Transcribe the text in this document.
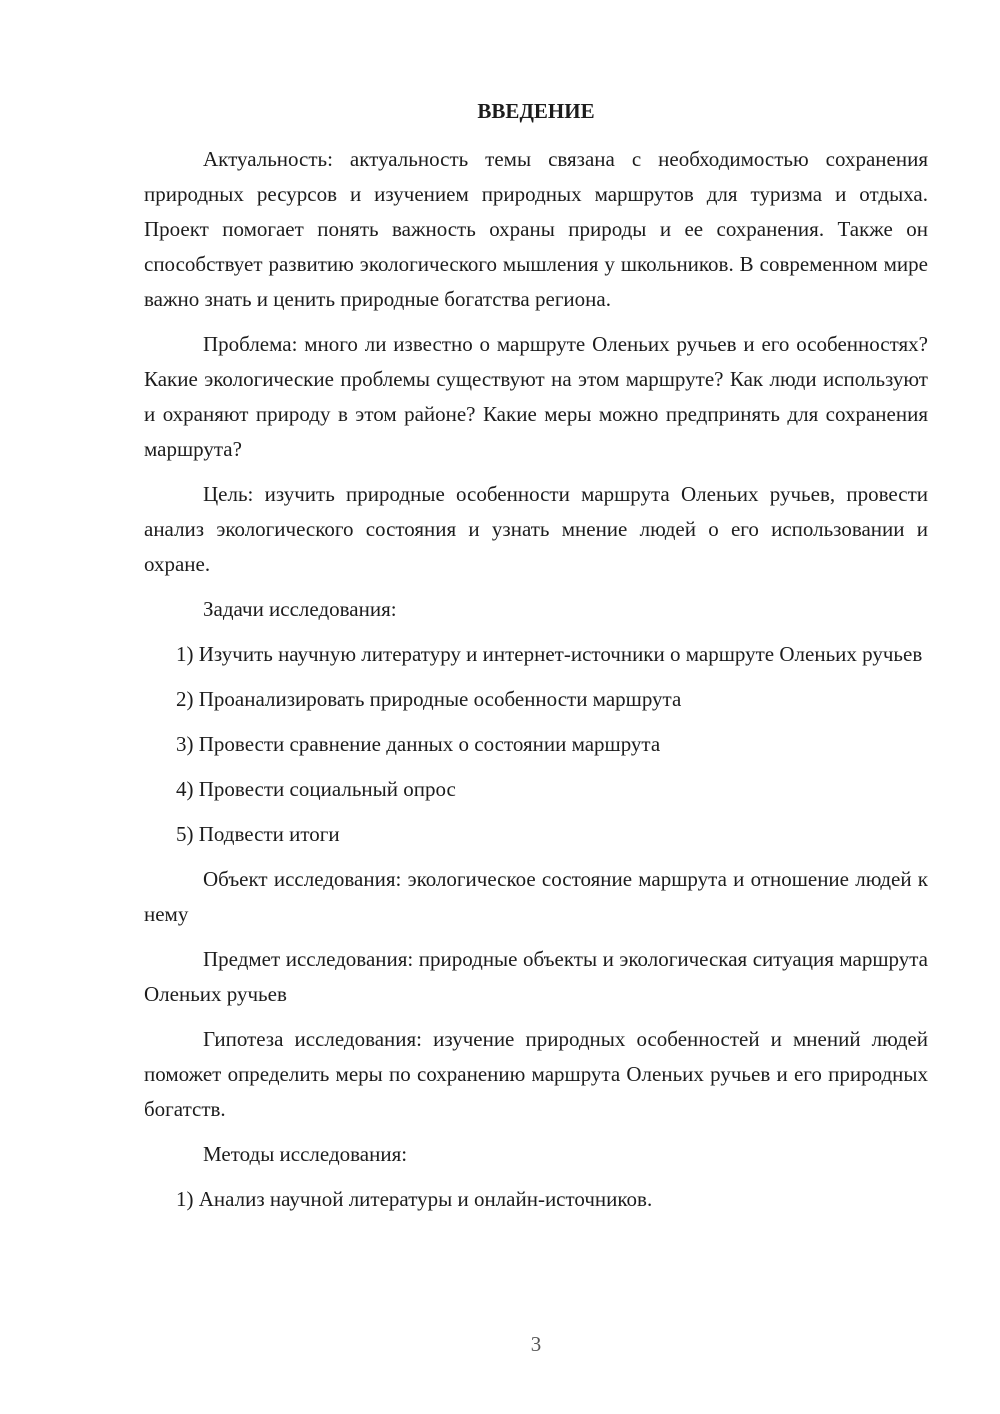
ВВЕДЕНИЕ

Актуальность: актуальность темы связана с необходимостью сохранения природных ресурсов и изучением природных маршрутов для туризма и отдыха. Проект помогает понять важность охраны природы и ее сохранения. Также он способствует развитию экологического мышления у школьников. В современном мире важно знать и ценить природные богатства региона.

Проблема: много ли известно о маршруте Оленьих ручьев и его особенностях? Какие экологические проблемы существуют на этом маршруте? Как люди используют и охраняют природу в этом районе? Какие меры можно предпринять для сохранения маршрута?

Цель: изучить природные особенности маршрута Оленьих ручьев, провести анализ экологического состояния и узнать мнение людей о его использовании и охране.

Задачи исследования:

1) Изучить научную литературу и интернет-источники о маршруте Оленьих ручьев

2) Проанализировать природные особенности маршрута

3) Провести сравнение данных о состоянии маршрута

4) Провести социальный опрос

5) Подвести итоги

Объект исследования: экологическое состояние маршрута и отношение людей к нему

Предмет исследования: природные объекты и экологическая ситуация маршрута Оленьих ручьев

Гипотеза исследования: изучение природных особенностей и мнений людей поможет определить меры по сохранению маршрута Оленьих ручьев и его природных богатств.

Методы исследования:

1) Анализ научной литературы и онлайн-источников.

3
